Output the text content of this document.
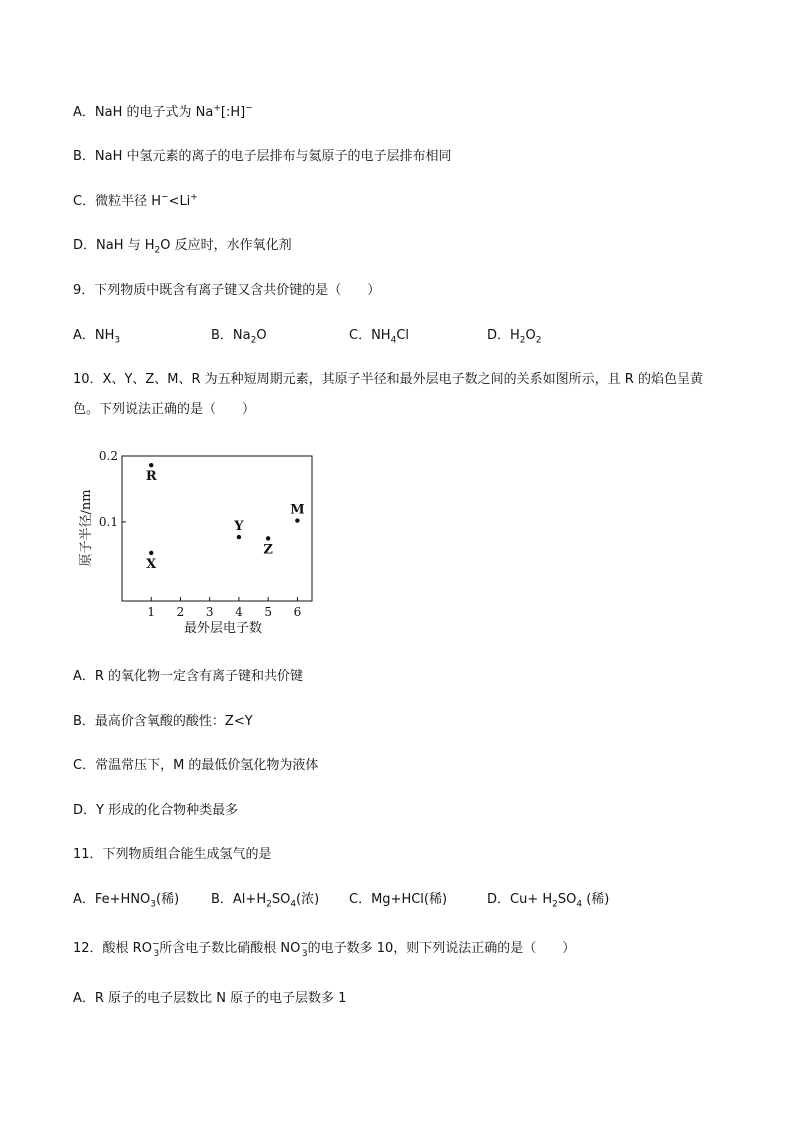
A．NaH 的电子式为 Na+[:H]−
B．NaH 中氢元素的离子的电子层排布与氦原子的电子层排布相同
C．微粒半径 H−<Li+
D．NaH 与 $H_2O$ 反应时，水作氧化剂
9．下列物质中既含有离子键又含共价键的是（　　）
A．$NH_3$	B．$Na_2O$	C．$NH_4Cl$	D．$H_2O_2$
10．X、Y、Z、M、R 为五种短周期元素，其原子半径和最外层电子数之间的关系如图所示，且 R 的焰色呈黄
色。下列说法正确的是（　　）
0.1
0.2
1 2 3 4 5 6
R
X
Y
Z
M
原子半径/nm
最外层电子数
A．R 的氧化物一定含有离子键和共价键
B．最高价含氧酸的酸性：Z<Y
C．常温常压下，M 的最低价氢化物为液体
D．Y 形成的化合物种类最多
11．下列物质组合能生成氢气的是
A．$Fe+HNO_3$(稀) B．$Al+H_2SO_4$(浓) C．Mg+HCl(稀)	D．$Cu+ H_2SO_4$ (稀)
12．酸根 $RO^-_3$所含电子数比硝酸根 $NO^-_3$的电子数多 10，则下列说法正确的是（　　）
A．R 原子的电子层数比 N 原子的电子层数多 1
